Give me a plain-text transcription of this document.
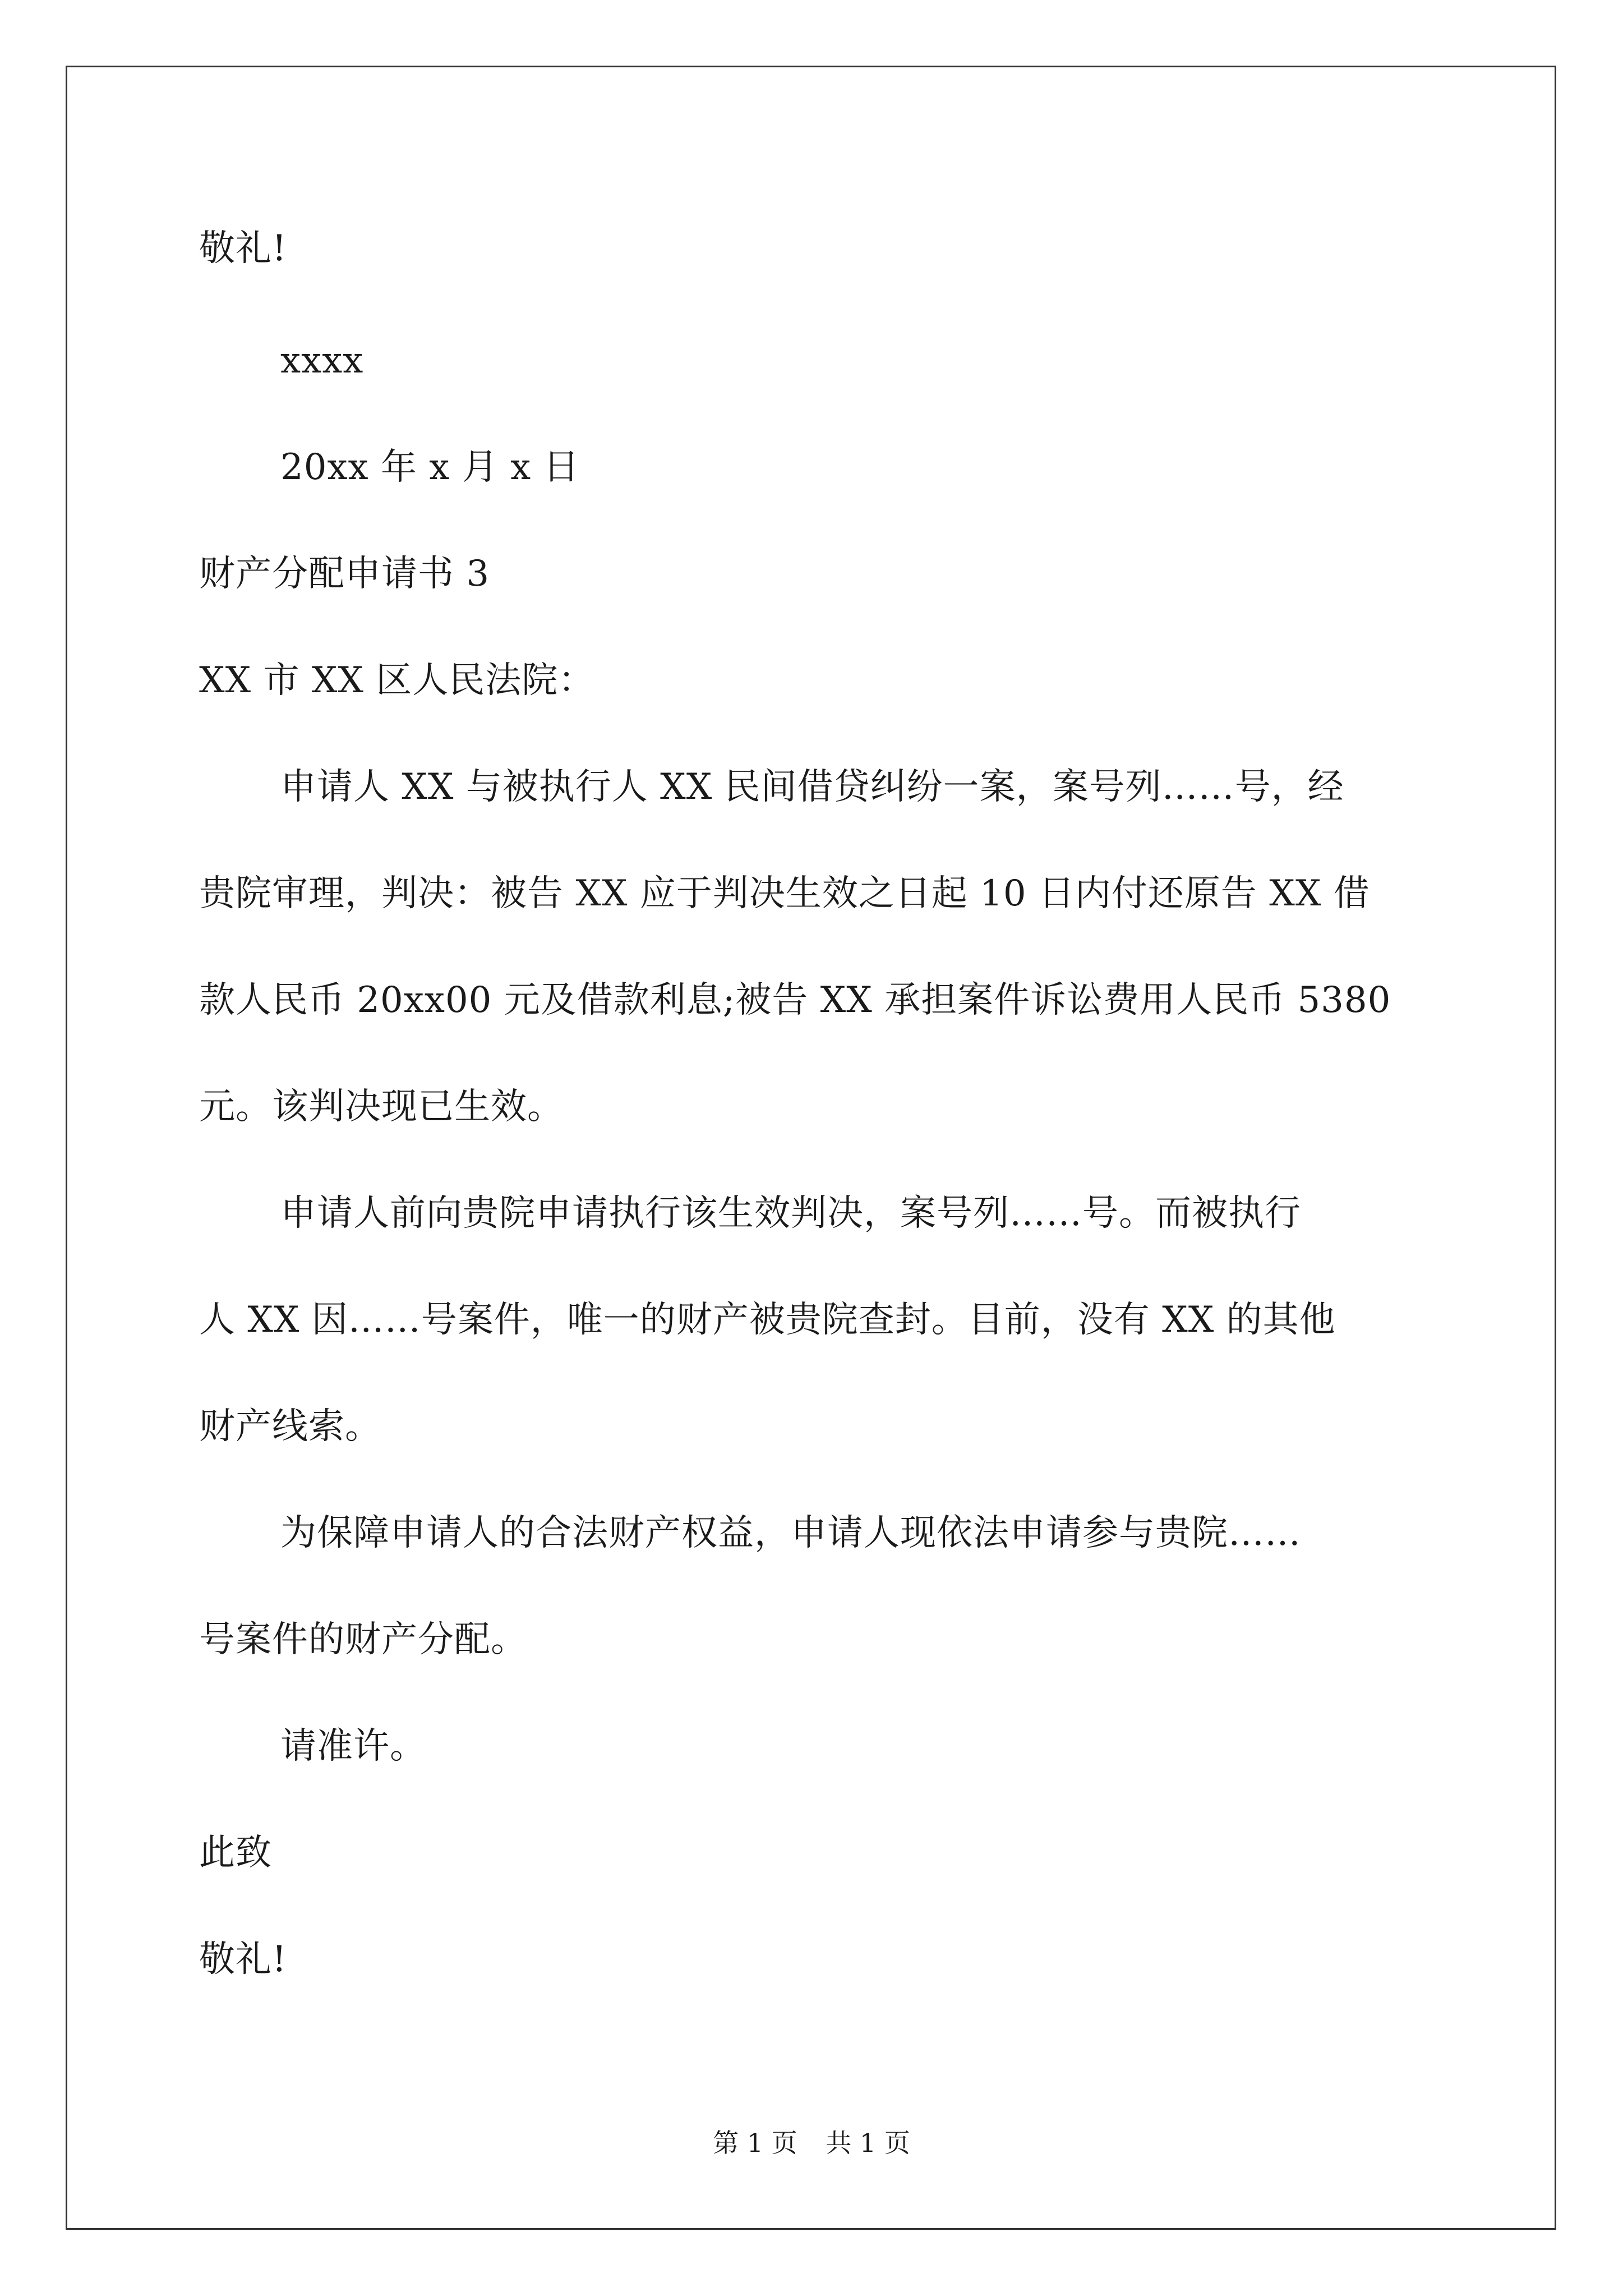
敬礼!
xxxx
20xx 年 x 月 x 日
财产分配申请书 3
XX 市 XX 区人民法院：
申请人 XX 与被执行人 XX 民间借贷纠纷一案，案号列……号，经
贵院审理，判决：被告 XX 应于判决生效之日起 10 日内付还原告 XX 借
款人民币 20xx00 元及借款利息;被告 XX 承担案件诉讼费用人民币 5380
元。该判决现已生效。
申请人前向贵院申请执行该生效判决，案号列……号。而被执行
人 XX 因……号案件，唯一的财产被贵院查封。目前，没有 XX 的其他
财产线索。
为保障申请人的合法财产权益，申请人现依法申请参与贵院……
号案件的财产分配。
请准许。
此致
敬礼!
第 1 页 共 1 页
